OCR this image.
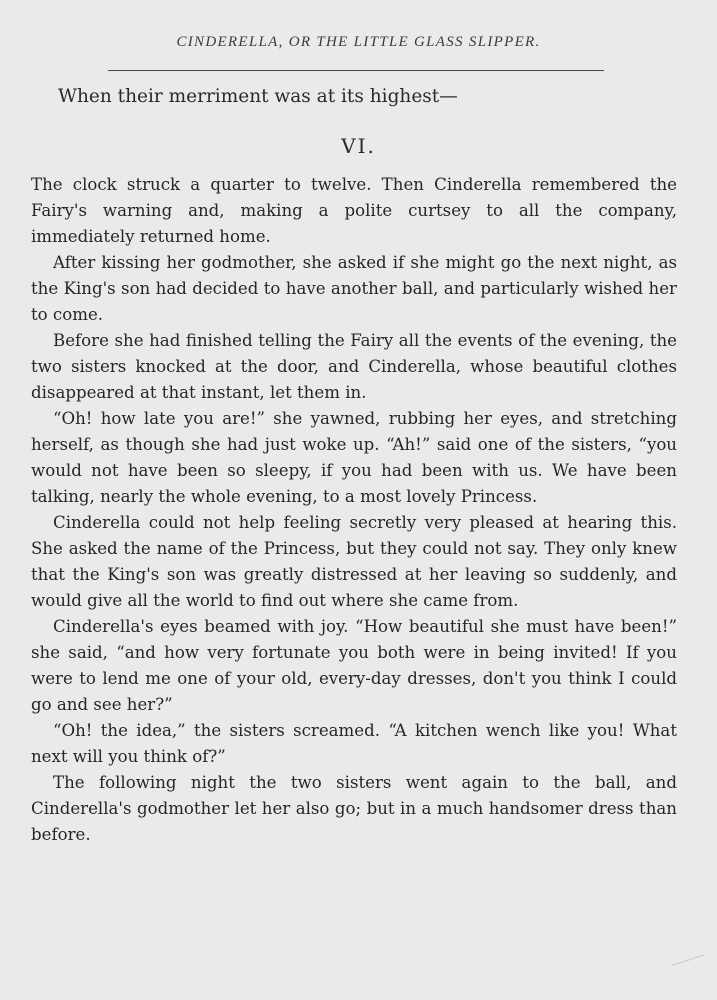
CINDERELLA, OR THE LITTLE GLASS SLIPPER.
When their merriment was at its highest—
VI.

The clock struck a quarter to twelve. Then Cinderella remembered the Fairy's warning and, making a polite curtsey to all the company, immediately returned home.

After kissing her godmother, she asked if she might go the next night, as the King's son had decided to have another ball, and particularly wished her to come.

Before she had finished telling the Fairy all the events of the evening, the two sisters knocked at the door, and Cinderella, whose beautiful clothes disappeared at that instant, let them in.

“Oh! how late you are!” she yawned, rubbing her eyes, and stretching herself, as though she had just woke up. “Ah!” said one of the sisters, “you would not have been so sleepy, if you had been with us. We have been talking, nearly the whole evening, to a most lovely Princess.

Cinderella could not help feeling secretly very pleased at hearing this. She asked the name of the Princess, but they could not say. They only knew that the King's son was greatly distressed at her leaving so suddenly, and would give all the world to find out where she came from.

Cinderella's eyes beamed with joy. “How beautiful she must have been!” she said, “and how very fortunate you both were in being invited! If you were to lend me one of your old, every-day dresses, don't you think I could go and see her?”

“Oh! the idea,” the sisters screamed. “A kitchen wench like you! What next will you think of?”

The following night the two sisters went again to the ball, and Cinderella's godmother let her also go; but in a much handsomer dress than before.
